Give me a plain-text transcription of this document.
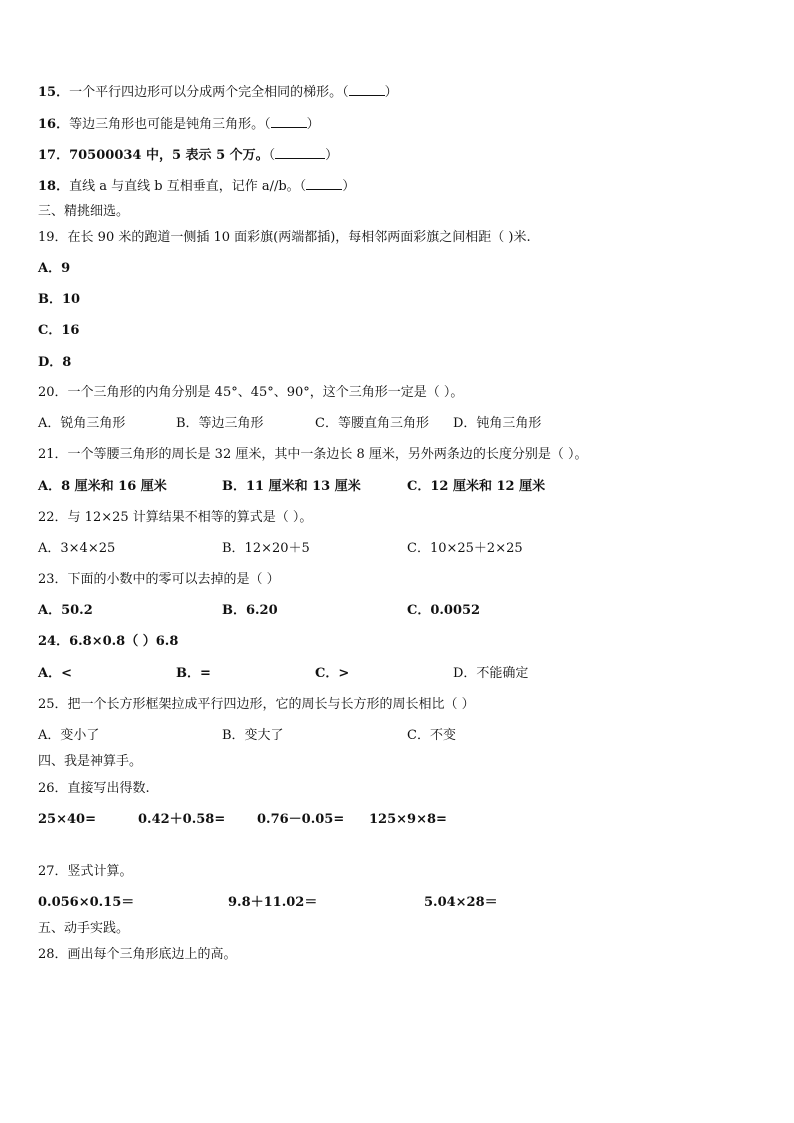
15．一个平行四边形可以分成两个完全相同的梯形。（	）
16．等边三角形也可能是钝角三角形。（	）
17．70500034 中，5 表示 5 个万。（	）
18．直线 a 与直线 b 互相垂直，记作 a//b。（	）
三、精挑细选。
19．在长 90 米的跑道一侧插 10 面彩旗(两端都插)，每相邻两面彩旗之间相距（ )米.
A．9
B．10
C．16
D．8
20．一个三角形的内角分别是 45°、45°、90°，这个三角形一定是（ ）。
A．锐角三角形	B．等边三角形	C．等腰直角三角形 D．钝角三角形
21．一个等腰三角形的周长是 32 厘米，其中一条边长 8 厘米，另外两条边的长度分别是（ ）。
A．8 厘米和 16 厘米	B．11 厘米和 13 厘米	C．12 厘米和 12 厘米
22．与 12×25 计算结果不相等的算式是（ ）。
A．3×4×25	B．12×20＋5	C．10×25＋2×25
23．下面的小数中的零可以去掉的是（ ）
A．50.2	B．6.20	C．0.0052
24．6.8×0.8（ ）6.8
A．<	B．=	C．>	D．不能确定
25．把一个长方形框架拉成平行四边形，它的周长与长方形的周长相比（ ）
A．变小了	B．变大了	C．不变
四、我是神算手。
26．直接写出得数.
25×40=	0.42＋0.58= 0.76－0.05= 125×9×8=
27．竖式计算。
0.056×0.15＝	9.8＋11.02＝	5.04×28＝
五、动手实践。
28．画出每个三角形底边上的高。
